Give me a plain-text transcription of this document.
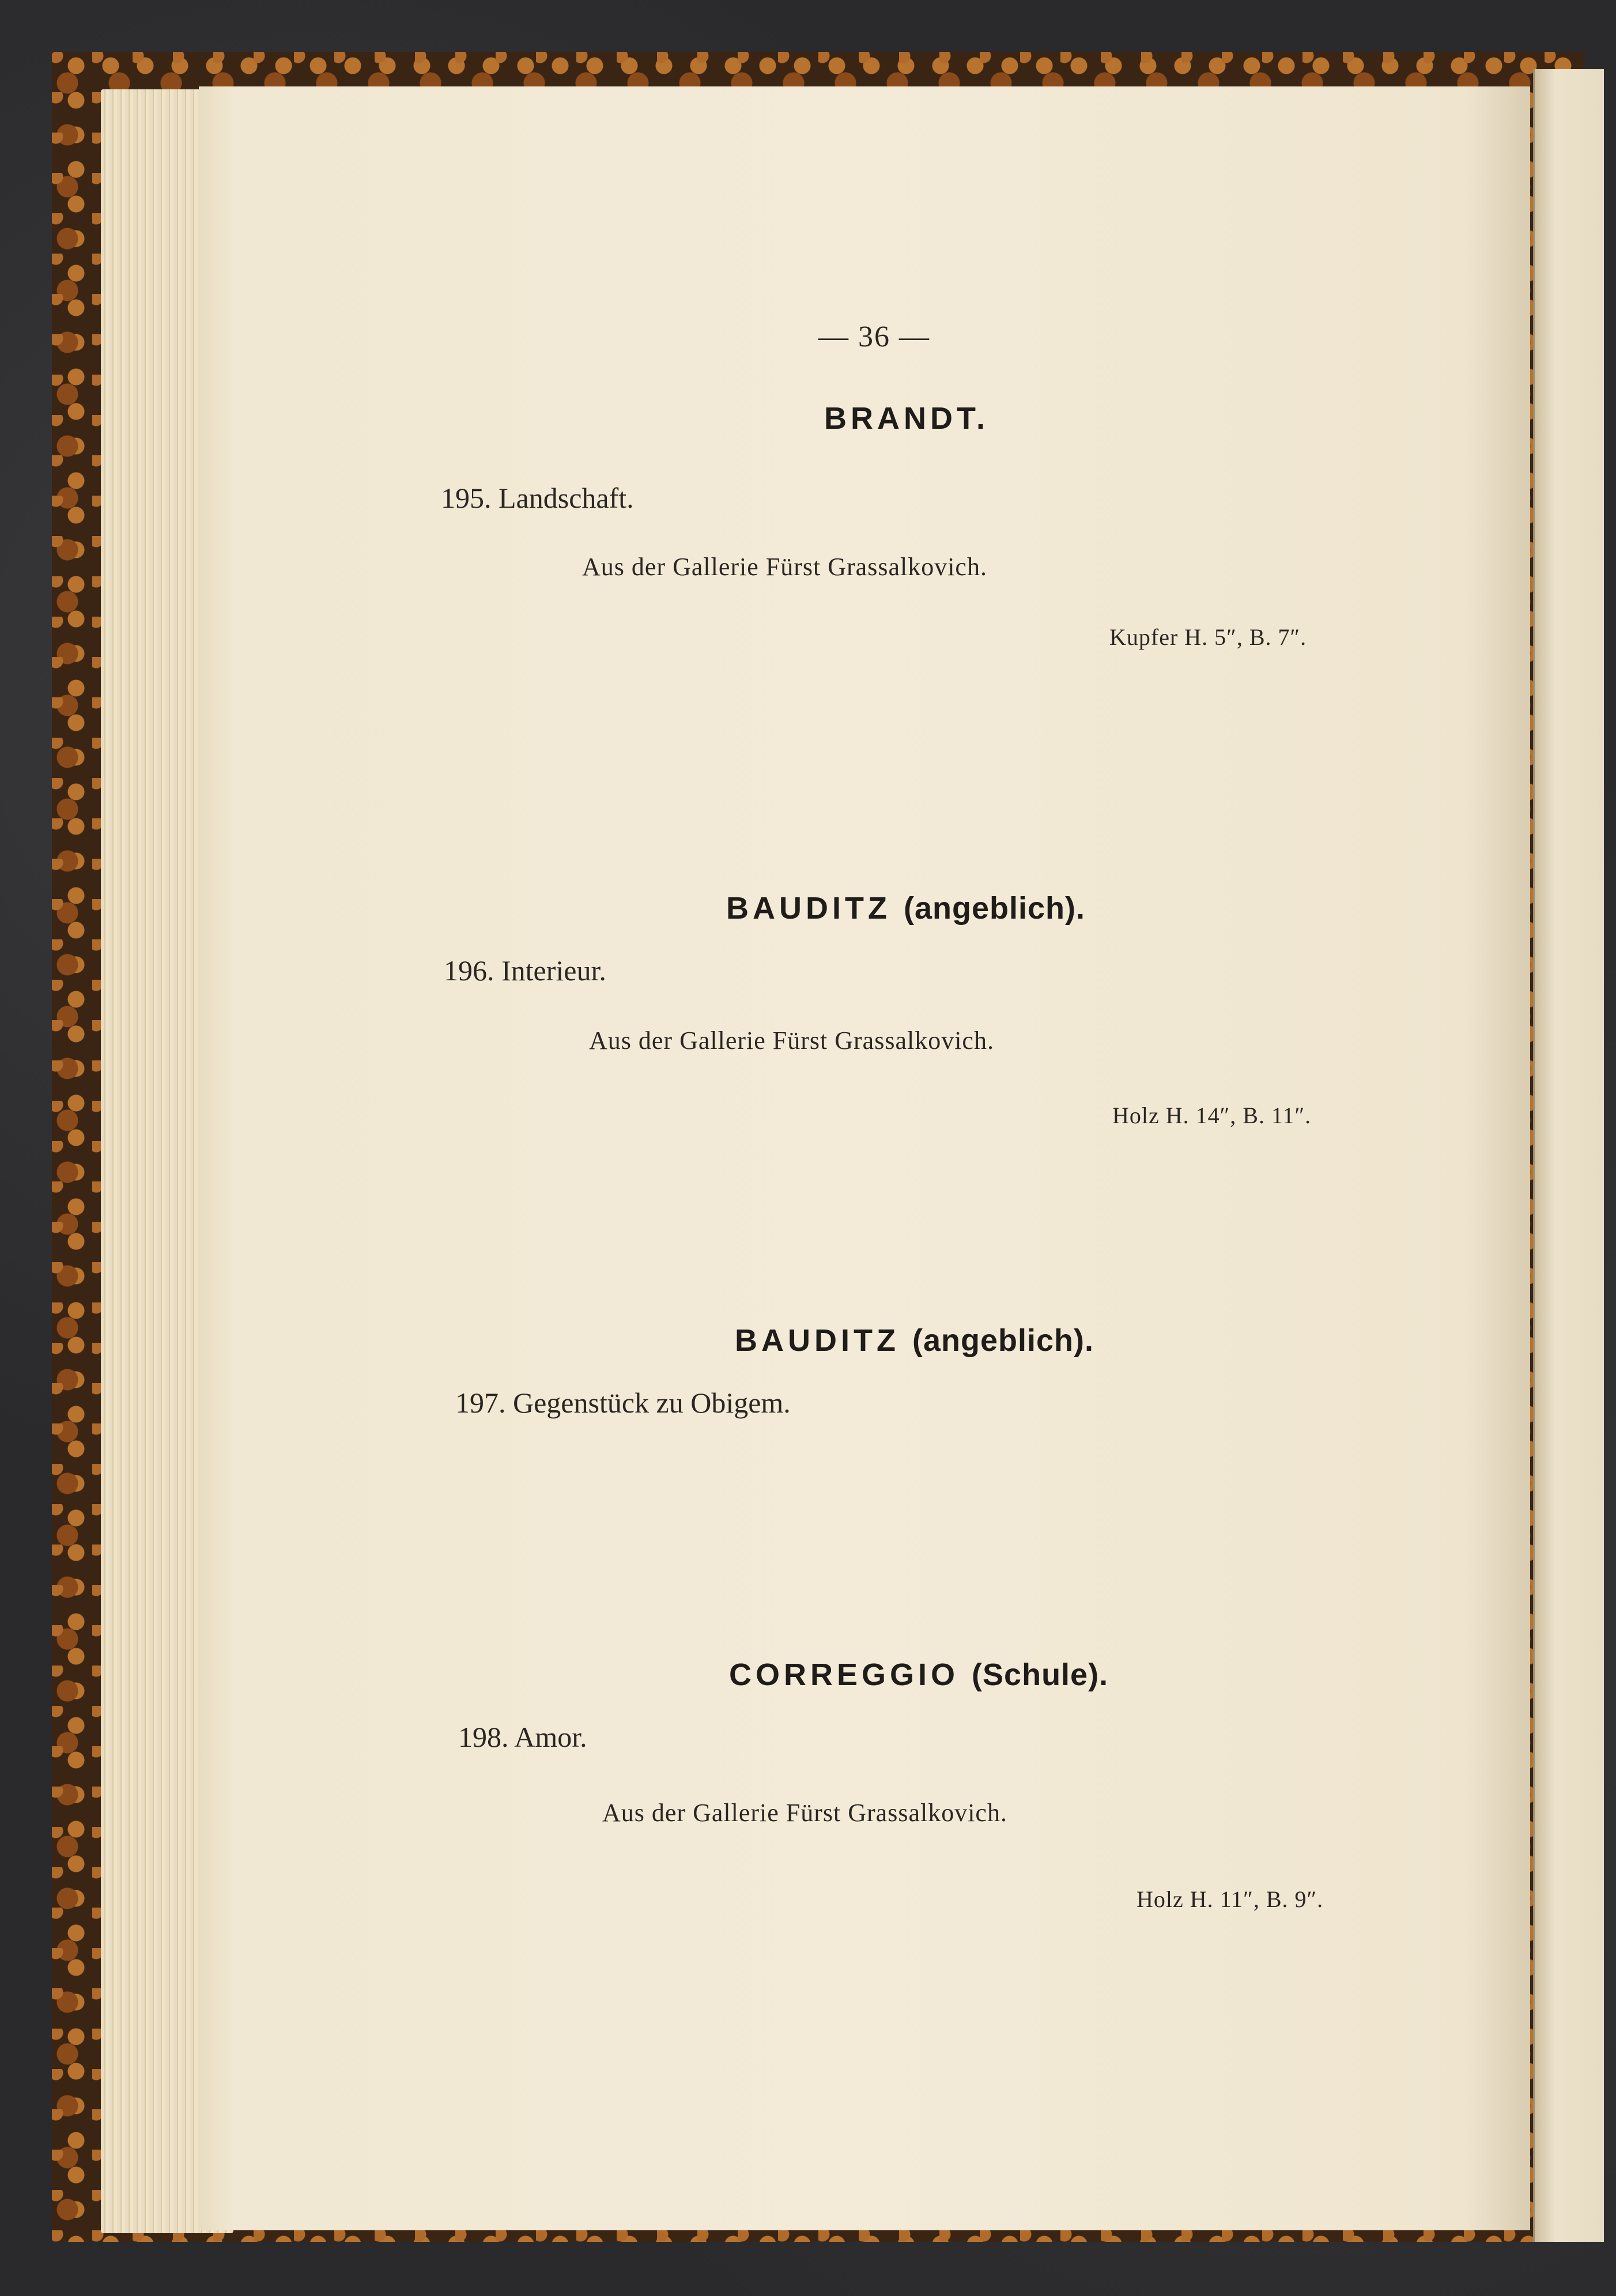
— 36 —
BRANDT.
195. Landschaft.
Aus der Gallerie Fürst Grassalkovich.
Kupfer H. 5″, B. 7″.
BAUDITZ (angeblich).
196. Interieur.
Aus der Gallerie Fürst Grassalkovich.
Holz H. 14″, B. 11″.
BAUDITZ (angeblich).
197. Gegenstück zu Obigem.
CORREGGIO (Schule).
198. Amor.
Aus der Gallerie Fürst Grassalkovich.
Holz H. 11″, B. 9″.
